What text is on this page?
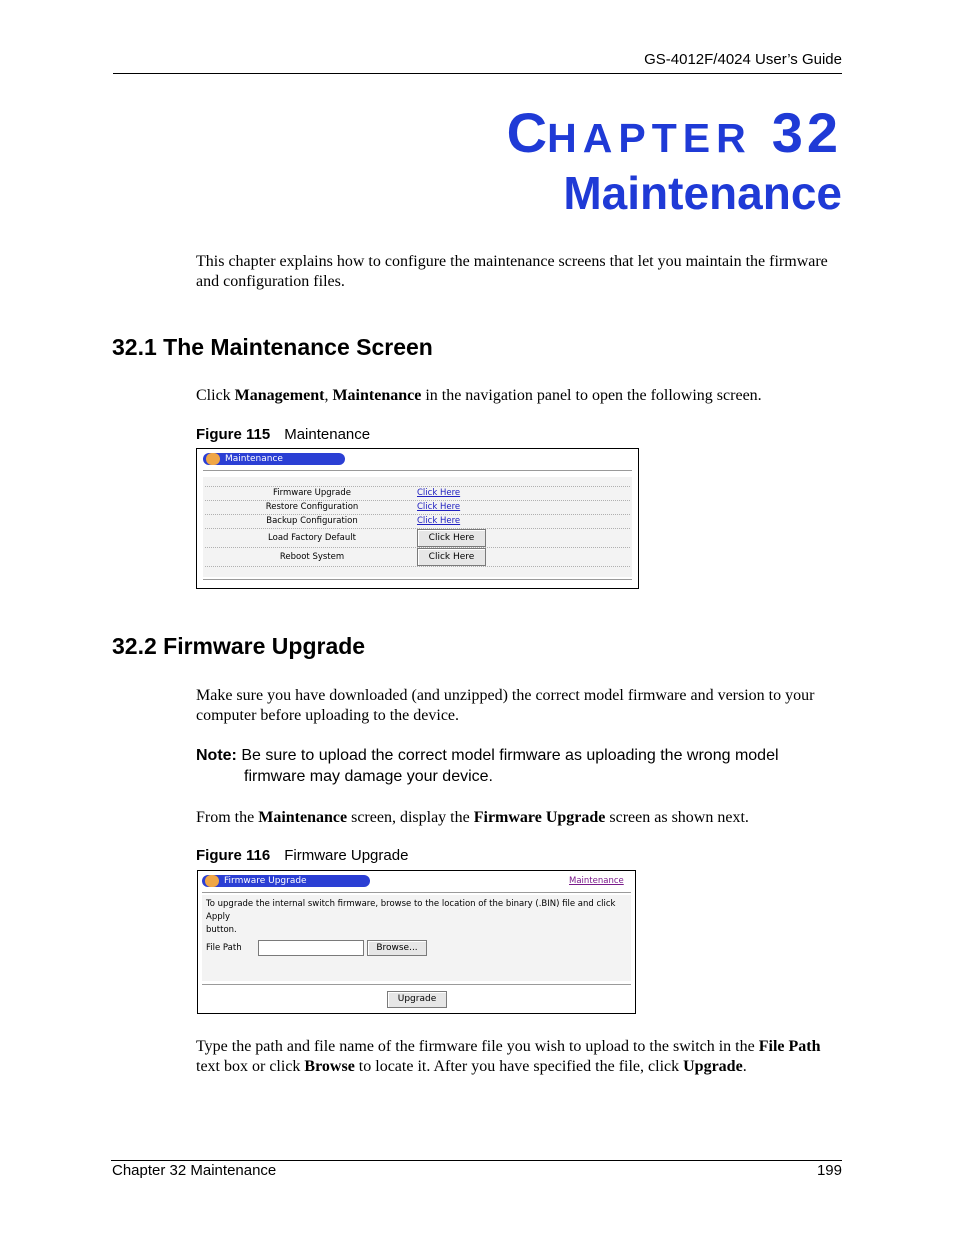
GS-4012F/4024 User’s Guide
CHAPTER 32
Maintenance
This chapter explains how to configure the maintenance screens that let you maintain the firmware and configuration files.
32.1 The Maintenance Screen
Click Management, Maintenance in the navigation panel to open the following screen.
Figure 115 Maintenance
Maintenance
Firmware Upgrade	Click Here
Restore Configuration	Click Here
Backup Configuration	Click Here
Load Factory Default	Click Here
Reboot System	Click Here
32.2 Firmware Upgrade
Make sure you have downloaded (and unzipped) the correct model firmware and version to your computer before uploading to the device.
Note: Be sure to upload the correct model firmware as uploading the wrong model
firmware may damage your device.
From the Maintenance screen, display the Firmware Upgrade screen as shown next.
Figure 116 Firmware Upgrade
Firmware Upgrade	Maintenance
To upgrade the internal switch firmware, browse to the location of the binary (.BIN) file and click Apply
button.
File Path	Browse...
Upgrade
Type the path and file name of the firmware file you wish to upload to the switch in the File Path text box or click Browse to locate it. After you have specified the file, click Upgrade.
Chapter 32 Maintenance	199
